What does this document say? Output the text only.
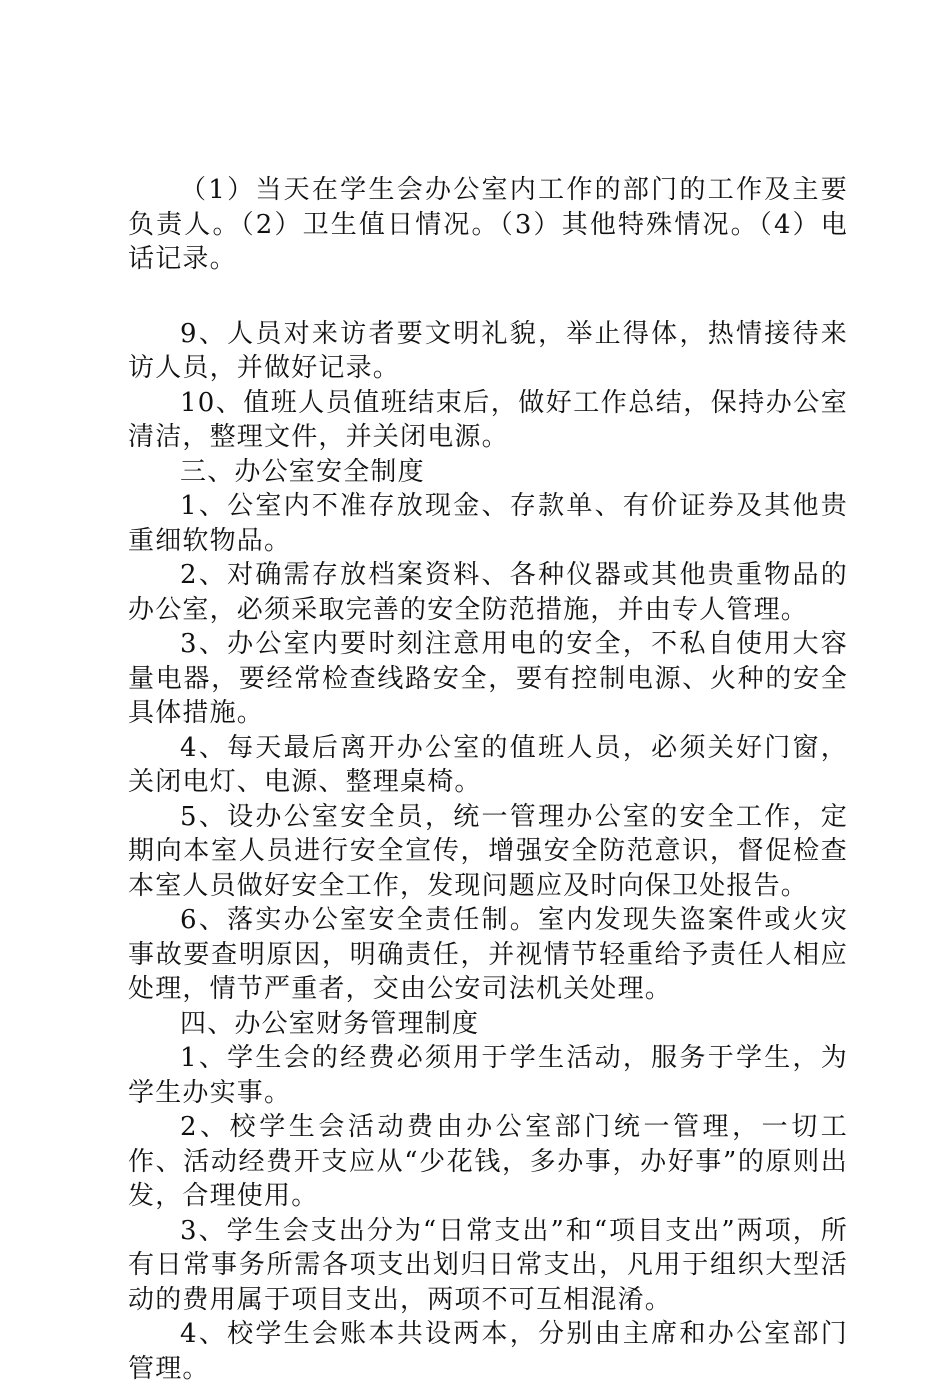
（1）当天在学生会办公室内工作的部门的工作及主要负责人。（2）卫生值日情况。（3）其他特殊情况。（4）电话记录。

9、人员对来访者要文明礼貌，举止得体，热情接待来访人员，并做好记录。

10、值班人员值班结束后，做好工作总结，保持办公室清洁，整理文件，并关闭电源。

三、办公室安全制度

1、公室内不准存放现金、存款单、有价证券及其他贵重细软物品。

2、对确需存放档案资料、各种仪器或其他贵重物品的办公室，必须采取完善的安全防范措施，并由专人管理。

3、办公室内要时刻注意用电的安全，不私自使用大容量电器，要经常检查线路安全，要有控制电源、火种的安全具体措施。

4、每天最后离开办公室的值班人员，必须关好门窗，关闭电灯、电源、整理桌椅。

5、设办公室安全员，统一管理办公室的安全工作，定期向本室人员进行安全宣传，增强安全防范意识，督促检查本室人员做好安全工作，发现问题应及时向保卫处报告。

6、落实办公室安全责任制。室内发现失盗案件或火灾事故要查明原因，明确责任，并视情节轻重给予责任人相应处理，情节严重者，交由公安司法机关处理。

四、办公室财务管理制度

1、学生会的经费必须用于学生活动，服务于学生，为学生办实事。

2、校学生会活动费由办公室部门统一管理，一切工作、活动经费开支应从“少花钱，多办事，办好事”的原则出发，合理使用。

3、学生会支出分为“日常支出”和“项目支出”两项，所有日常事务所需各项支出划归日常支出，凡用于组织大型活动的费用属于项目支出，两项不可互相混淆。

4、校学生会账本共设两本，分别由主席和办公室部门管理。
